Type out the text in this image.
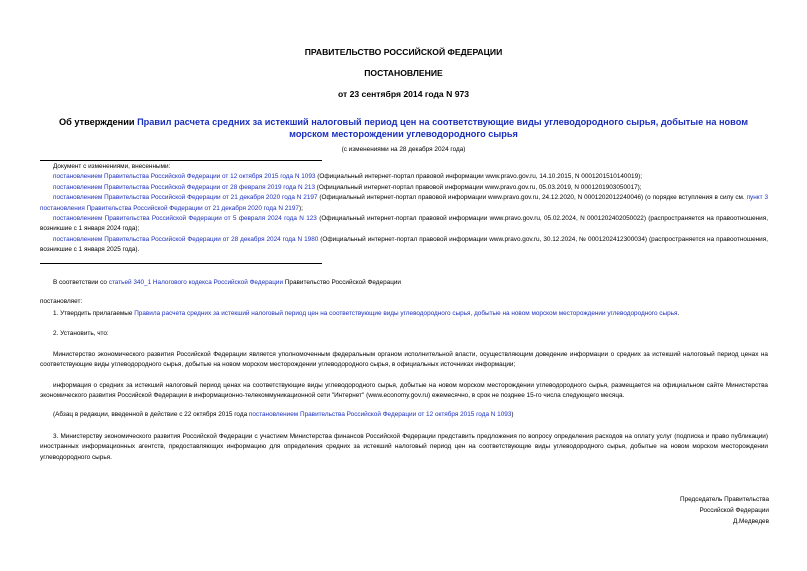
ПРАВИТЕЛЬСТВО РОССИЙСКОЙ ФЕДЕРАЦИИ
ПОСТАНОВЛЕНИЕ
от 23 сентября 2014 года N 973
Об утверждении Правил расчета средних за истекший налоговый период цен на соответствующие виды углеводородного сырья, добытые на новом морском месторождении углеводородного сырья
(с изменениями на 28 декабря 2024 года)
Документ с изменениями, внесенными:
постановлением Правительства Российской Федерации от 12 октября 2015 года N 1093 (Официальный интернет-портал правовой информации www.pravo.gov.ru, 14.10.2015, N 0001201510140019);
постановлением Правительства Российской Федерации от 28 февраля 2019 года N 213 (Официальный интернет-портал правовой информации www.pravo.gov.ru, 05.03.2019, N 0001201903050017);
постановлением Правительства Российской Федерации от 21 декабря 2020 года N 2197 (Официальный интернет-портал правовой информации www.pravo.gov.ru, 24.12.2020, N 0001202012240046) (о порядке вступления в силу см. пункт 3 постановления Правительства Российской Федерации от 21 декабря 2020 года N 2197);
постановлением Правительства Российской Федерации от 5 февраля 2024 года N 123 (Официальный интернет-портал правовой информации www.pravo.gov.ru, 05.02.2024, N 0001202402050022) (распространяется на правоотношения, возникшие с 1 января 2024 года);
постановлением Правительства Российской Федерации от 28 декабря 2024 года N 1980 (Официальный интернет-портал правовой информации www.pravo.gov.ru, 30.12.2024, № 0001202412300034) (распространяется на правоотношения, возникшие с 1 января 2025 года).
В соответствии со статьей 340_1 Налогового кодекса Российской Федерации Правительство Российской Федерации
постановляет:
1. Утвердить прилагаемые Правила расчета средних за истекший налоговый период цен на соответствующие виды углеводородного сырья, добытые на новом морском месторождении углеводородного сырья.
2. Установить, что:
Министерство экономического развития Российской Федерации является уполномоченным федеральным органом исполнительной власти, осуществляющим доведение информации о средних за истекший налоговый период ценах на соответствующие виды углеводородного сырья, добытые на новом морском месторождении углеводородного сырья, в официальных источниках информации;
информация о средних за истекший налоговый период ценах на соответствующие виды углеводородного сырья, добытые на новом морском месторождении углеводородного сырья, размещается на официальном сайте Министерства экономического развития Российской Федерации в информационно-телекоммуникационной сети "Интернет" (www.economy.gov.ru) ежемесячно, в срок не позднее 15-го числа следующего месяца.
(Абзац в редакции, введенной в действие с 22 октября 2015 года постановлением Правительства Российской Федерации от 12 октября 2015 года N 1093)
3. Министерству экономического развития Российской Федерации с участием Министерства финансов Российской Федерации представить предложения по вопросу определения расходов на оплату услуг (подписка и право публикации) иностранных информационных агентств, предоставляющих информацию для определения средних за истекший налоговый период цен на соответствующие виды углеводородного сырья, добытые на новом морском месторождении углеводородного сырья.
Председатель Правительства
Российской Федерации
Д.Медведев
